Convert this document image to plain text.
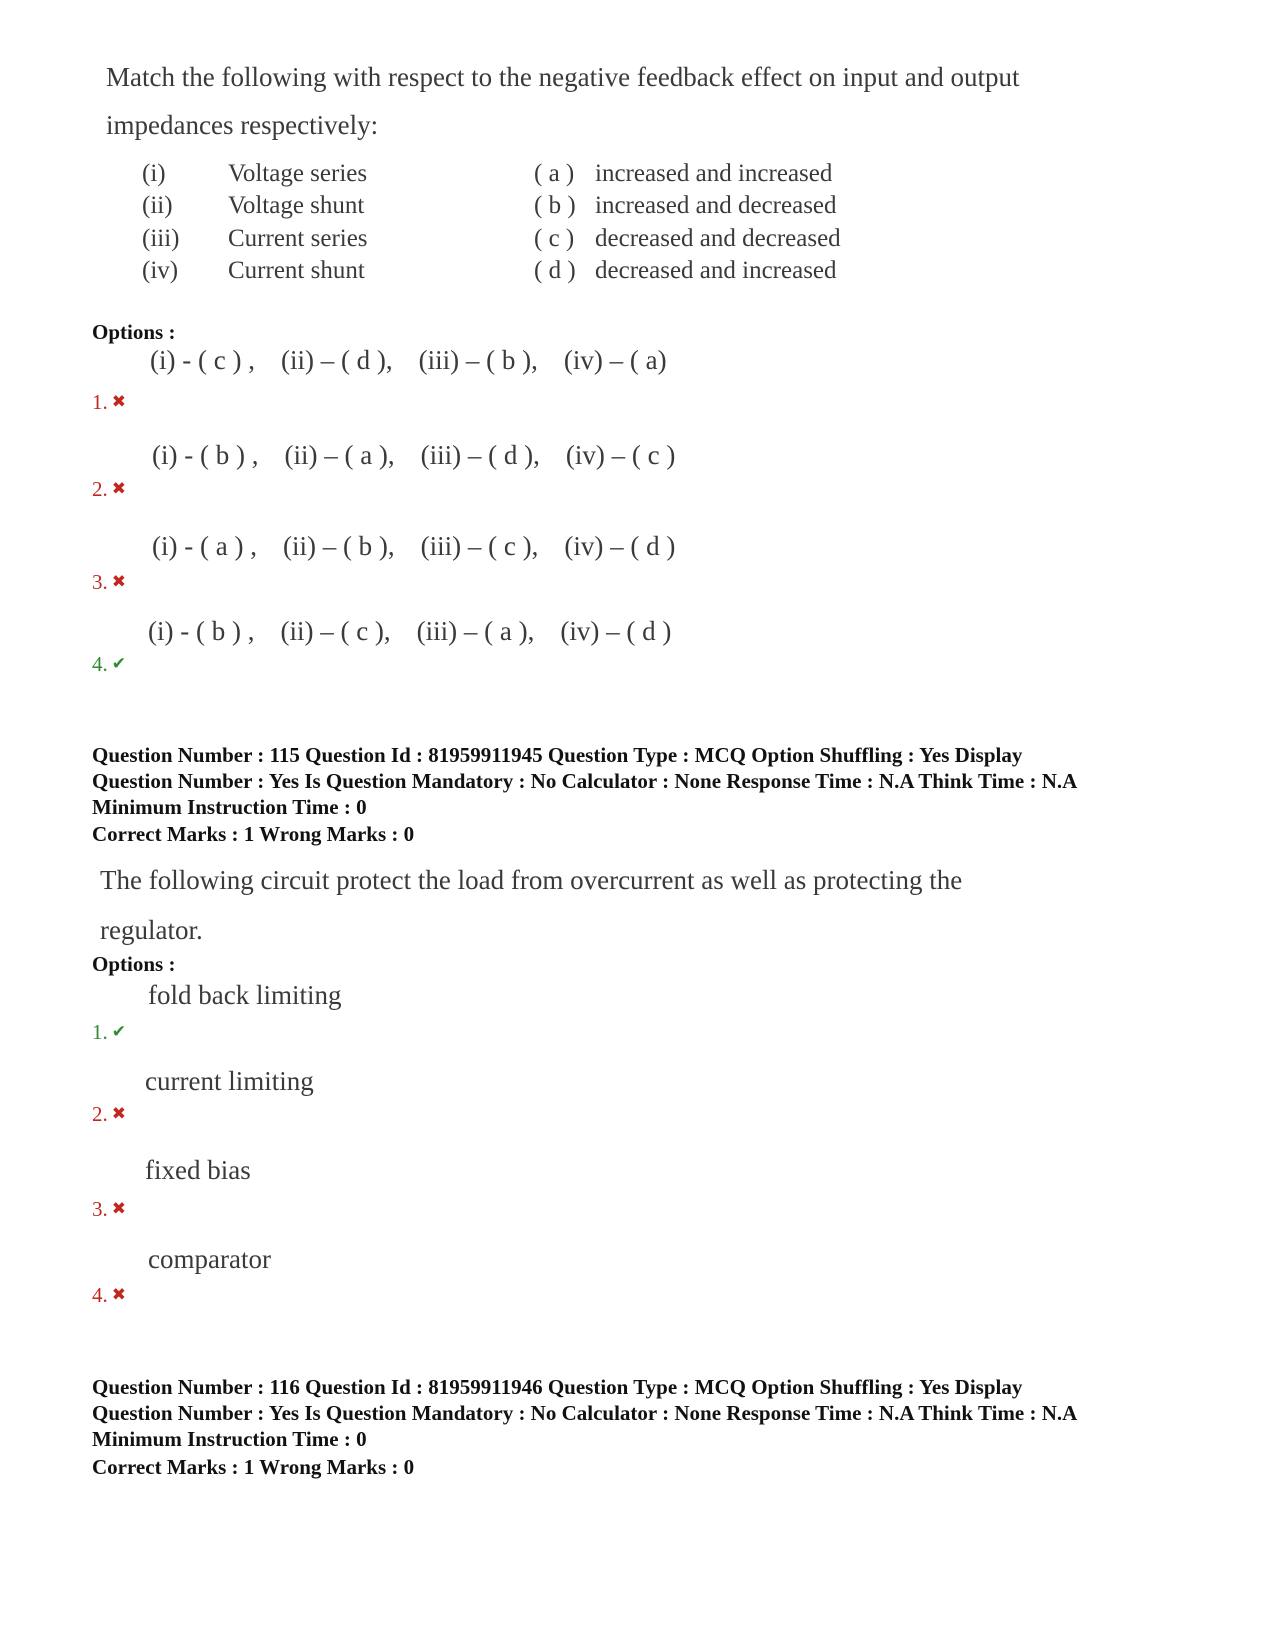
Match the following with respect to the negative feedback effect on input and output
impedances respectively:
(i) Voltage series	( a ) increased and increased
(ii) Voltage shunt	( b ) increased and decreased
(iii) Current series	( c ) decreased and decreased
(iv) Current shunt	( d ) decreased and increased
Options :
1. ✖
(i) - ( c ) , (ii) – ( d ), (iii) – ( b ), (iv) – ( a)
2. ✖
(i) - ( b ) , (ii) – ( a ), (iii) – ( d ), (iv) – ( c )
3. ✖
(i) - ( a ) , (ii) – ( b ), (iii) – ( c ), (iv) – ( d )
4. ✔
(i) - ( b ) , (ii) – ( c ), (iii) – ( a ), (iv) – ( d )
Question Number : 115 Question Id : 81959911945 Question Type : MCQ Option Shuffling : Yes Display
Question Number : Yes Is Question Mandatory : No Calculator : None Response Time : N.A Think Time : N.A
Minimum Instruction Time : 0
Correct Marks : 1 Wrong Marks : 0
The following circuit protect the load from overcurrent as well as protecting the
regulator.
Options :
1. ✔
fold back limiting
2. ✖
current limiting
3. ✖
fixed bias
4. ✖
comparator
Question Number : 116 Question Id : 81959911946 Question Type : MCQ Option Shuffling : Yes Display
Question Number : Yes Is Question Mandatory : No Calculator : None Response Time : N.A Think Time : N.A
Minimum Instruction Time : 0
Correct Marks : 1 Wrong Marks : 0
